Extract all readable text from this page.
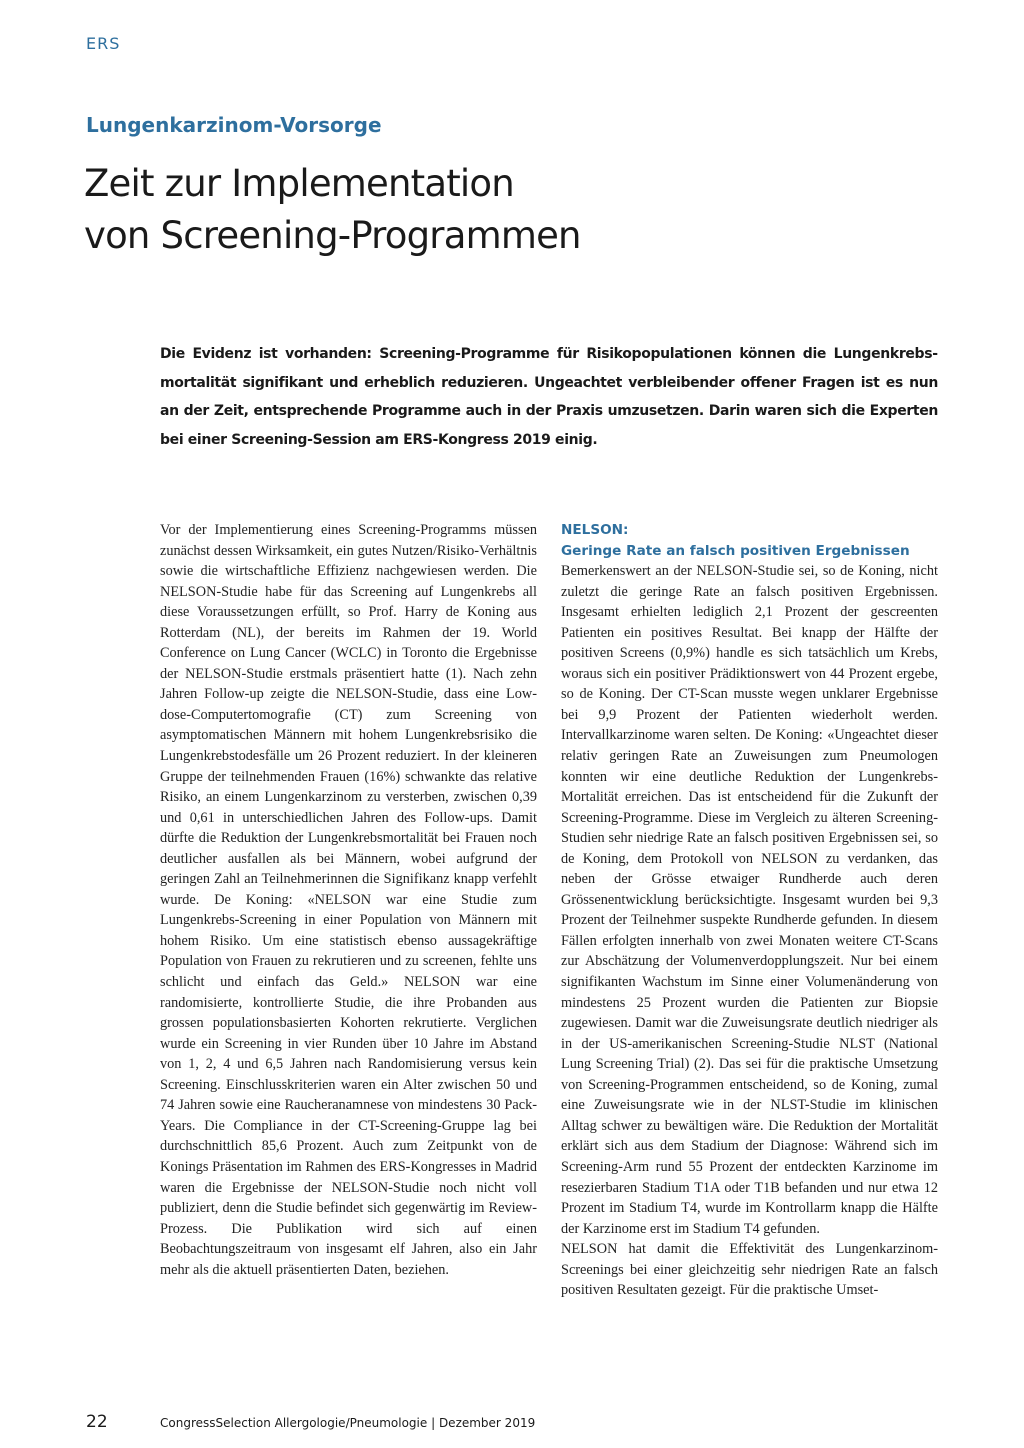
ERS
Lungenkarzinom-Vorsorge
Zeit zur Implementation
von Screening-Programmen

Die Evidenz ist vorhanden: Screening-Programme für Risikopopulationen können die Lungenkrebsmortalität signifikant und erheblich reduzieren. Ungeachtet verbleibender offener Fragen ist es nun an der Zeit, entsprechende Programme auch in der Praxis umzusetzen. Darin waren sich die Experten bei einer Screening-Session am ERS-Kongress 2019 einig.

Vor der Implementierung eines Screening-Programms müssen zunächst dessen Wirksamkeit, ein gutes Nutzen/Risiko-Verhältnis sowie die wirtschaftliche Effizienz nachgewiesen werden. Die NELSON-Studie habe für das Screening auf Lungenkrebs all diese Voraussetzungen erfüllt, so Prof. Harry de Koning aus Rotterdam (NL), der bereits im Rahmen der 19. World Conference on Lung Cancer (WCLC) in Toronto die Ergebnisse der NELSON-Studie erstmals präsentiert hatte (1). Nach zehn Jahren Follow-up zeigte die NELSON-Studie, dass eine Low-dose-Computertomografie (CT) zum Screening von asymptomatischen Männern mit hohem Lungenkrebsrisiko die Lungenkrebstodesfälle um 26 Prozent reduziert. In der kleineren Gruppe der teilnehmenden Frauen (16%) schwankte das relative Risiko, an einem Lungenkarzinom zu versterben, zwischen 0,39 und 0,61 in unterschiedlichen Jahren des Follow-ups. Damit dürfte die Reduktion der Lungenkrebsmortalität bei Frauen noch deutlicher ausfallen als bei Männern, wobei aufgrund der geringen Zahl an Teilnehmerinnen die Signifikanz knapp verfehlt wurde. De Koning: «NELSON war eine Studie zum Lungenkrebs-Screening in einer Population von Männern mit hohem Risiko. Um eine statistisch ebenso aussagekräftige Population von Frauen zu rekrutieren und zu screenen, fehlte uns schlicht und einfach das Geld.» NELSON war eine randomisierte, kontrollierte Studie, die ihre Probanden aus grossen populationsbasierten Kohorten rekrutierte. Verglichen wurde ein Screening in vier Runden über 10 Jahre im Abstand von 1, 2, 4 und 6,5 Jahren nach Randomisierung versus kein Screening. Einschlusskriterien waren ein Alter zwischen 50 und 74 Jahren sowie eine Raucheranamnese von mindestens 30 Pack-Years. Die Compliance in der CT-Screening-Gruppe lag bei durchschnittlich 85,6 Prozent. Auch zum Zeitpunkt von de Konings Präsentation im Rahmen des ERS-Kongresses in Madrid waren die Ergebnisse der NELSON-Studie noch nicht voll publiziert, denn die Studie befindet sich gegenwärtig im Review-Prozess. Die Publikation wird sich auf einen Beobachtungszeitraum von insgesamt elf Jahren, also ein Jahr mehr als die aktuell präsentierten Daten, beziehen.

NELSON:
Geringe Rate an falsch positiven Ergebnissen

Bemerkenswert an der NELSON-Studie sei, so de Koning, nicht zuletzt die geringe Rate an falsch positiven Ergebnissen. Insgesamt erhielten lediglich 2,1 Prozent der gescreenten Patienten ein positives Resultat. Bei knapp der Hälfte der positiven Screens (0,9%) handle es sich tatsächlich um Krebs, woraus sich ein positiver Prädiktionswert von 44 Prozent ergebe, so de Koning. Der CT-Scan musste wegen unklarer Ergebnisse bei 9,9 Prozent der Patienten wiederholt werden. Intervallkarzinome waren selten. De Koning: «Ungeachtet dieser relativ geringen Rate an Zuweisungen zum Pneumologen konnten wir eine deutliche Reduktion der Lungenkrebs-Mortalität erreichen. Das ist entscheidend für die Zukunft der Screening-Programme. Diese im Vergleich zu älteren Screening-Studien sehr niedrige Rate an falsch positiven Ergebnissen sei, so de Koning, dem Protokoll von NELSON zu verdanken, das neben der Grösse etwaiger Rundherde auch deren Grössenentwicklung berücksichtigte. Insgesamt wurden bei 9,3 Prozent der Teilnehmer suspekte Rundherde gefunden. In diesem Fällen erfolgten innerhalb von zwei Monaten weitere CT-Scans zur Abschätzung der Volumenverdopplungszeit. Nur bei einem signifikanten Wachstum im Sinne einer Volumenänderung von mindestens 25 Prozent wurden die Patienten zur Biopsie zugewiesen. Damit war die Zuweisungsrate deutlich niedriger als in der US-amerikanischen Screening-Studie NLST (National Lung Screening Trial) (2). Das sei für die praktische Umsetzung von Screening-Programmen entscheidend, so de Koning, zumal eine Zuweisungsrate wie in der NLST-Studie im klinischen Alltag schwer zu bewältigen wäre. Die Reduktion der Mortalität erklärt sich aus dem Stadium der Diagnose: Während sich im Screening-Arm rund 55 Prozent der entdeckten Karzinome im resezierbaren Stadium T1A oder T1B befanden und nur etwa 12 Prozent im Stadium T4, wurde im Kontrollarm knapp die Hälfte der Karzinome erst im Stadium T4 gefunden.

NELSON hat damit die Effektivität des Lungenkarzinom-Screenings bei einer gleichzeitig sehr niedrigen Rate an falsch positiven Resultaten gezeigt. Für die praktische Umset-

22	CongressSelection Allergologie/Pneumologie | Dezember 2019
